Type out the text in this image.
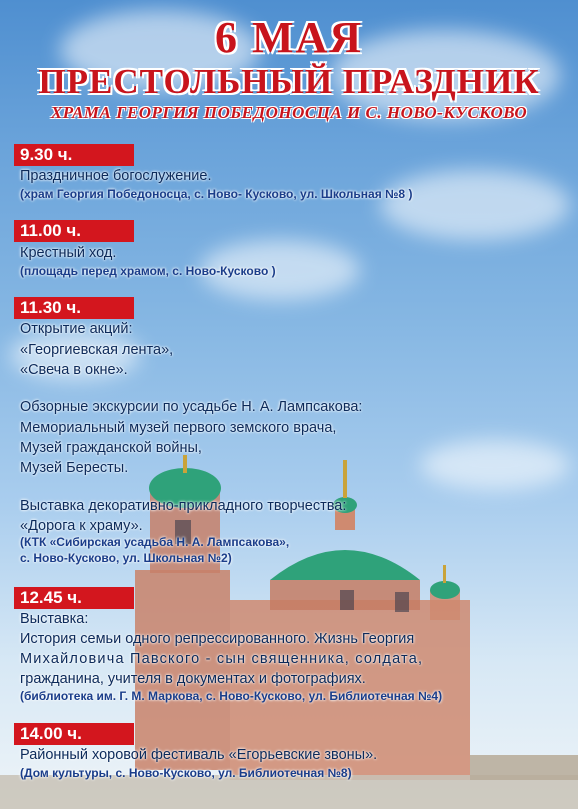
6 МАЯ
ПРЕСТОЛЬНЫЙ ПРАЗДНИК
ХРАМА ГЕОРГИЯ ПОБЕДОНОСЦА И С. НОВО-КУСКОВО
9.30 ч.
Праздничное богослужение.
(храм Георгия Победоносца, с. Ново- Кусково, ул. Школьная №8 )
11.00 ч.
Крестный ход.
(площадь перед храмом, с. Ново-Кусково )
11.30 ч.
Открытие акций:
«Георгиевская лента»,
«Свеча в окне».
Обзорные экскурсии по усадьбе Н. А. Лампсакова:
Мемориальный музей первого земского врача,
Музей гражданской войны,
Музей Бересты.
Выставка декоративно-прикладного творчества:
«Дорога к храму».
(КТК «Сибирская усадьба Н. А. Лампсакова»,
с. Ново-Кусково, ул. Школьная №2)
12.45 ч.
Выставка:
История семьи одного репрессированного. Жизнь Георгия
Михайловича Павского - сын священника, солдата,
гражданина, учителя в документах и фотографиях.
(библиотека им. Г. М. Маркова, с. Ново-Кусково, ул. Библиотечная №4)
14.00 ч.
Районный хоровой фестиваль «Егорьевские звоны».
(Дом культуры, с. Ново-Кусково, ул. Библиотечная №8)
